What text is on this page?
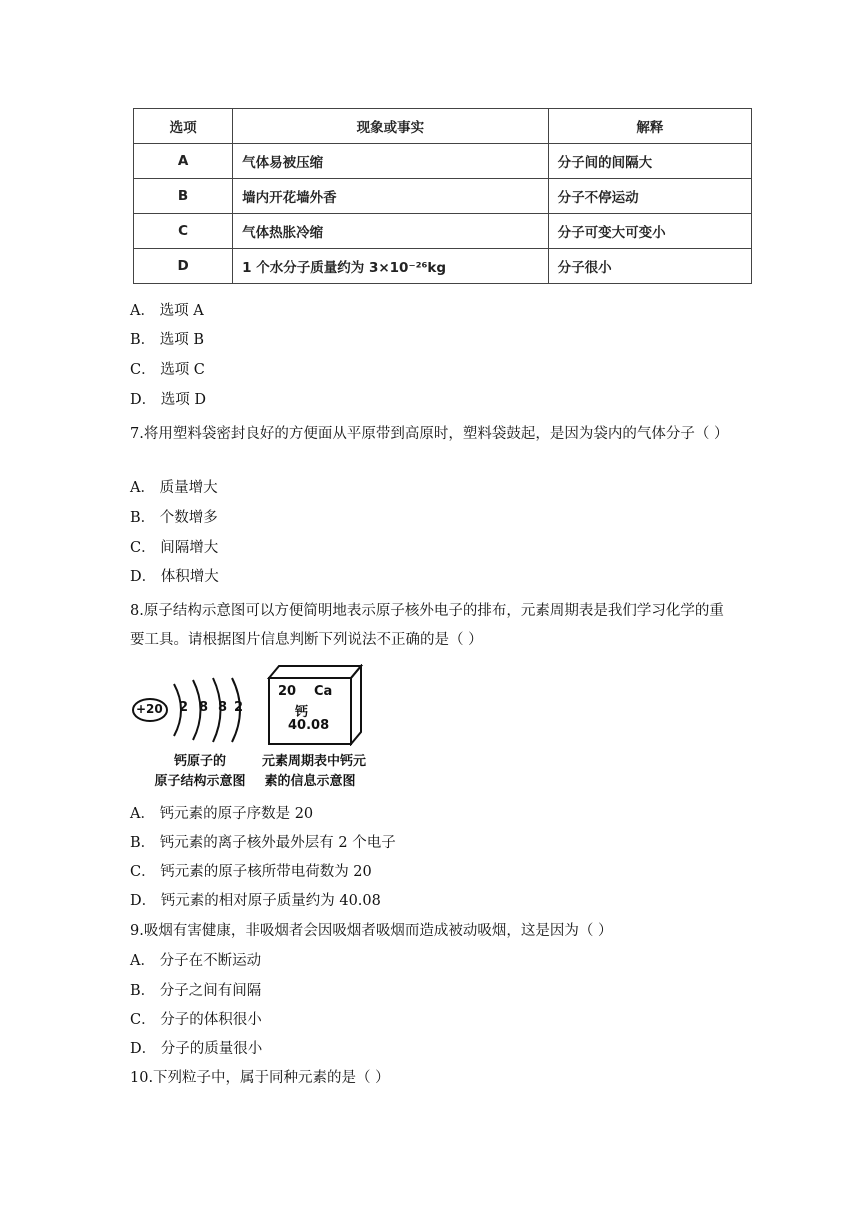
选项	现象或事实	解释
A	气体易被压缩	分子间的间隔大
B	墙内开花墙外香	分子不停运动
C	气体热胀冷缩	分子可变大可变小
D	1 个水分子质量约为 3×10⁻²⁶kg	分子很小
A． 选项 A
B． 选项 B
C． 选项 C
D． 选项 D
7.将用塑料袋密封良好的方便面从平原带到高原时，塑料袋鼓起，是因为袋内的气体分子（ ）
A． 质量增大
B． 个数增多
C． 间隔增大
D． 体积增大
8.原子结构示意图可以方便简明地表示原子核外电子的排布，元素周期表是我们学习化学的重要工具。请根据图片信息判断下列说法不正确的是（ ）
+20 2 8 8 2
20 Ca
钙
40.08
钙原子的
原子结构示意图
元素周期表中钙元
素的信息示意图
A． 钙元素的原子序数是 20
B． 钙元素的离子核外最外层有 2 个电子
C． 钙元素的原子核所带电荷数为 20
D． 钙元素的相对原子质量约为 40.08
9.吸烟有害健康，非吸烟者会因吸烟者吸烟而造成被动吸烟，这是因为（ ）
A． 分子在不断运动
B． 分子之间有间隔
C． 分子的体积很小
D． 分子的质量很小
10.下列粒子中，属于同种元素的是（ ）
